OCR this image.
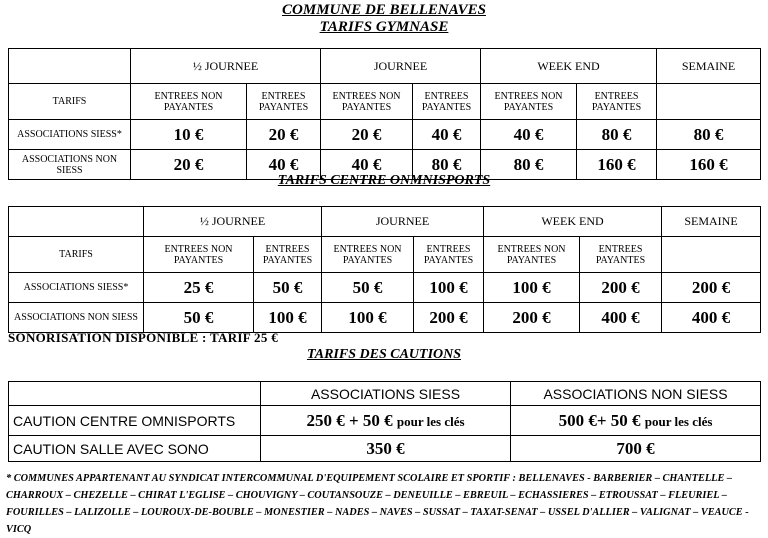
COMMUNE DE BELLENAVES
TARIFS GYMNASE
	½ JOURNEE		JOURNEE		WEEK END		SEMAINE
TARIFS	ENTREES NON PAYANTES	ENTREES PAYANTES	ENTREES NON PAYANTES	ENTREES PAYANTES	ENTREES NON PAYANTES	ENTREES PAYANTES	
ASSOCIATIONS SIESS*	10 €	20 €	20 €	40 €	40 €	80 €	80 €
ASSOCIATIONS NON SIESS	20 €	40 €	40 €	80 €	80 €	160 €	160 €
TARIFS CENTRE ONMNISPORTS
	½ JOURNEE		JOURNEE		WEEK END		SEMAINE
TARIFS	ENTREES NON PAYANTES	ENTREES PAYANTES	ENTREES NON PAYANTES	ENTREES PAYANTES	ENTREES NON PAYANTES	ENTREES PAYANTES	
ASSOCIATIONS SIESS*	25 €	50 €	50 €	100 €	100 €	200 €	200 €
ASSOCIATIONS NON SIESS	50 €	100 €	100 €	200 €	200 €	400 €	400 €
SONORISATION DISPONIBLE : TARIF 25 €
TARIFS DES CAUTIONS
	ASSOCIATIONS SIESS	ASSOCIATIONS NON SIESS
CAUTION CENTRE OMNISPORTS	250 € + 50 € pour les clés	500 €+ 50 € pour les clés
CAUTION SALLE AVEC SONO	350 €	700 €
* COMMUNES APPARTENANT AU SYNDICAT INTERCOMMUNAL D'EQUIPEMENT SCOLAIRE ET SPORTIF : BELLENAVES - BARBERIER – CHANTELLE – CHARROUX – CHEZELLE – CHIRAT L'EGLISE – CHOUVIGNY – COUTANSOUZE – DENEUILLE – EBREUIL – ECHASSIERES – ETROUSSAT – FLEURIEL – FOURILLES – LALIZOLLE – LOUROUX-DE-BOUBLE – MONESTIER – NADES – NAVES – SUSSAT – TAXAT-SENAT – USSEL D'ALLIER – VALIGNAT – VEAUCE - VICQ
